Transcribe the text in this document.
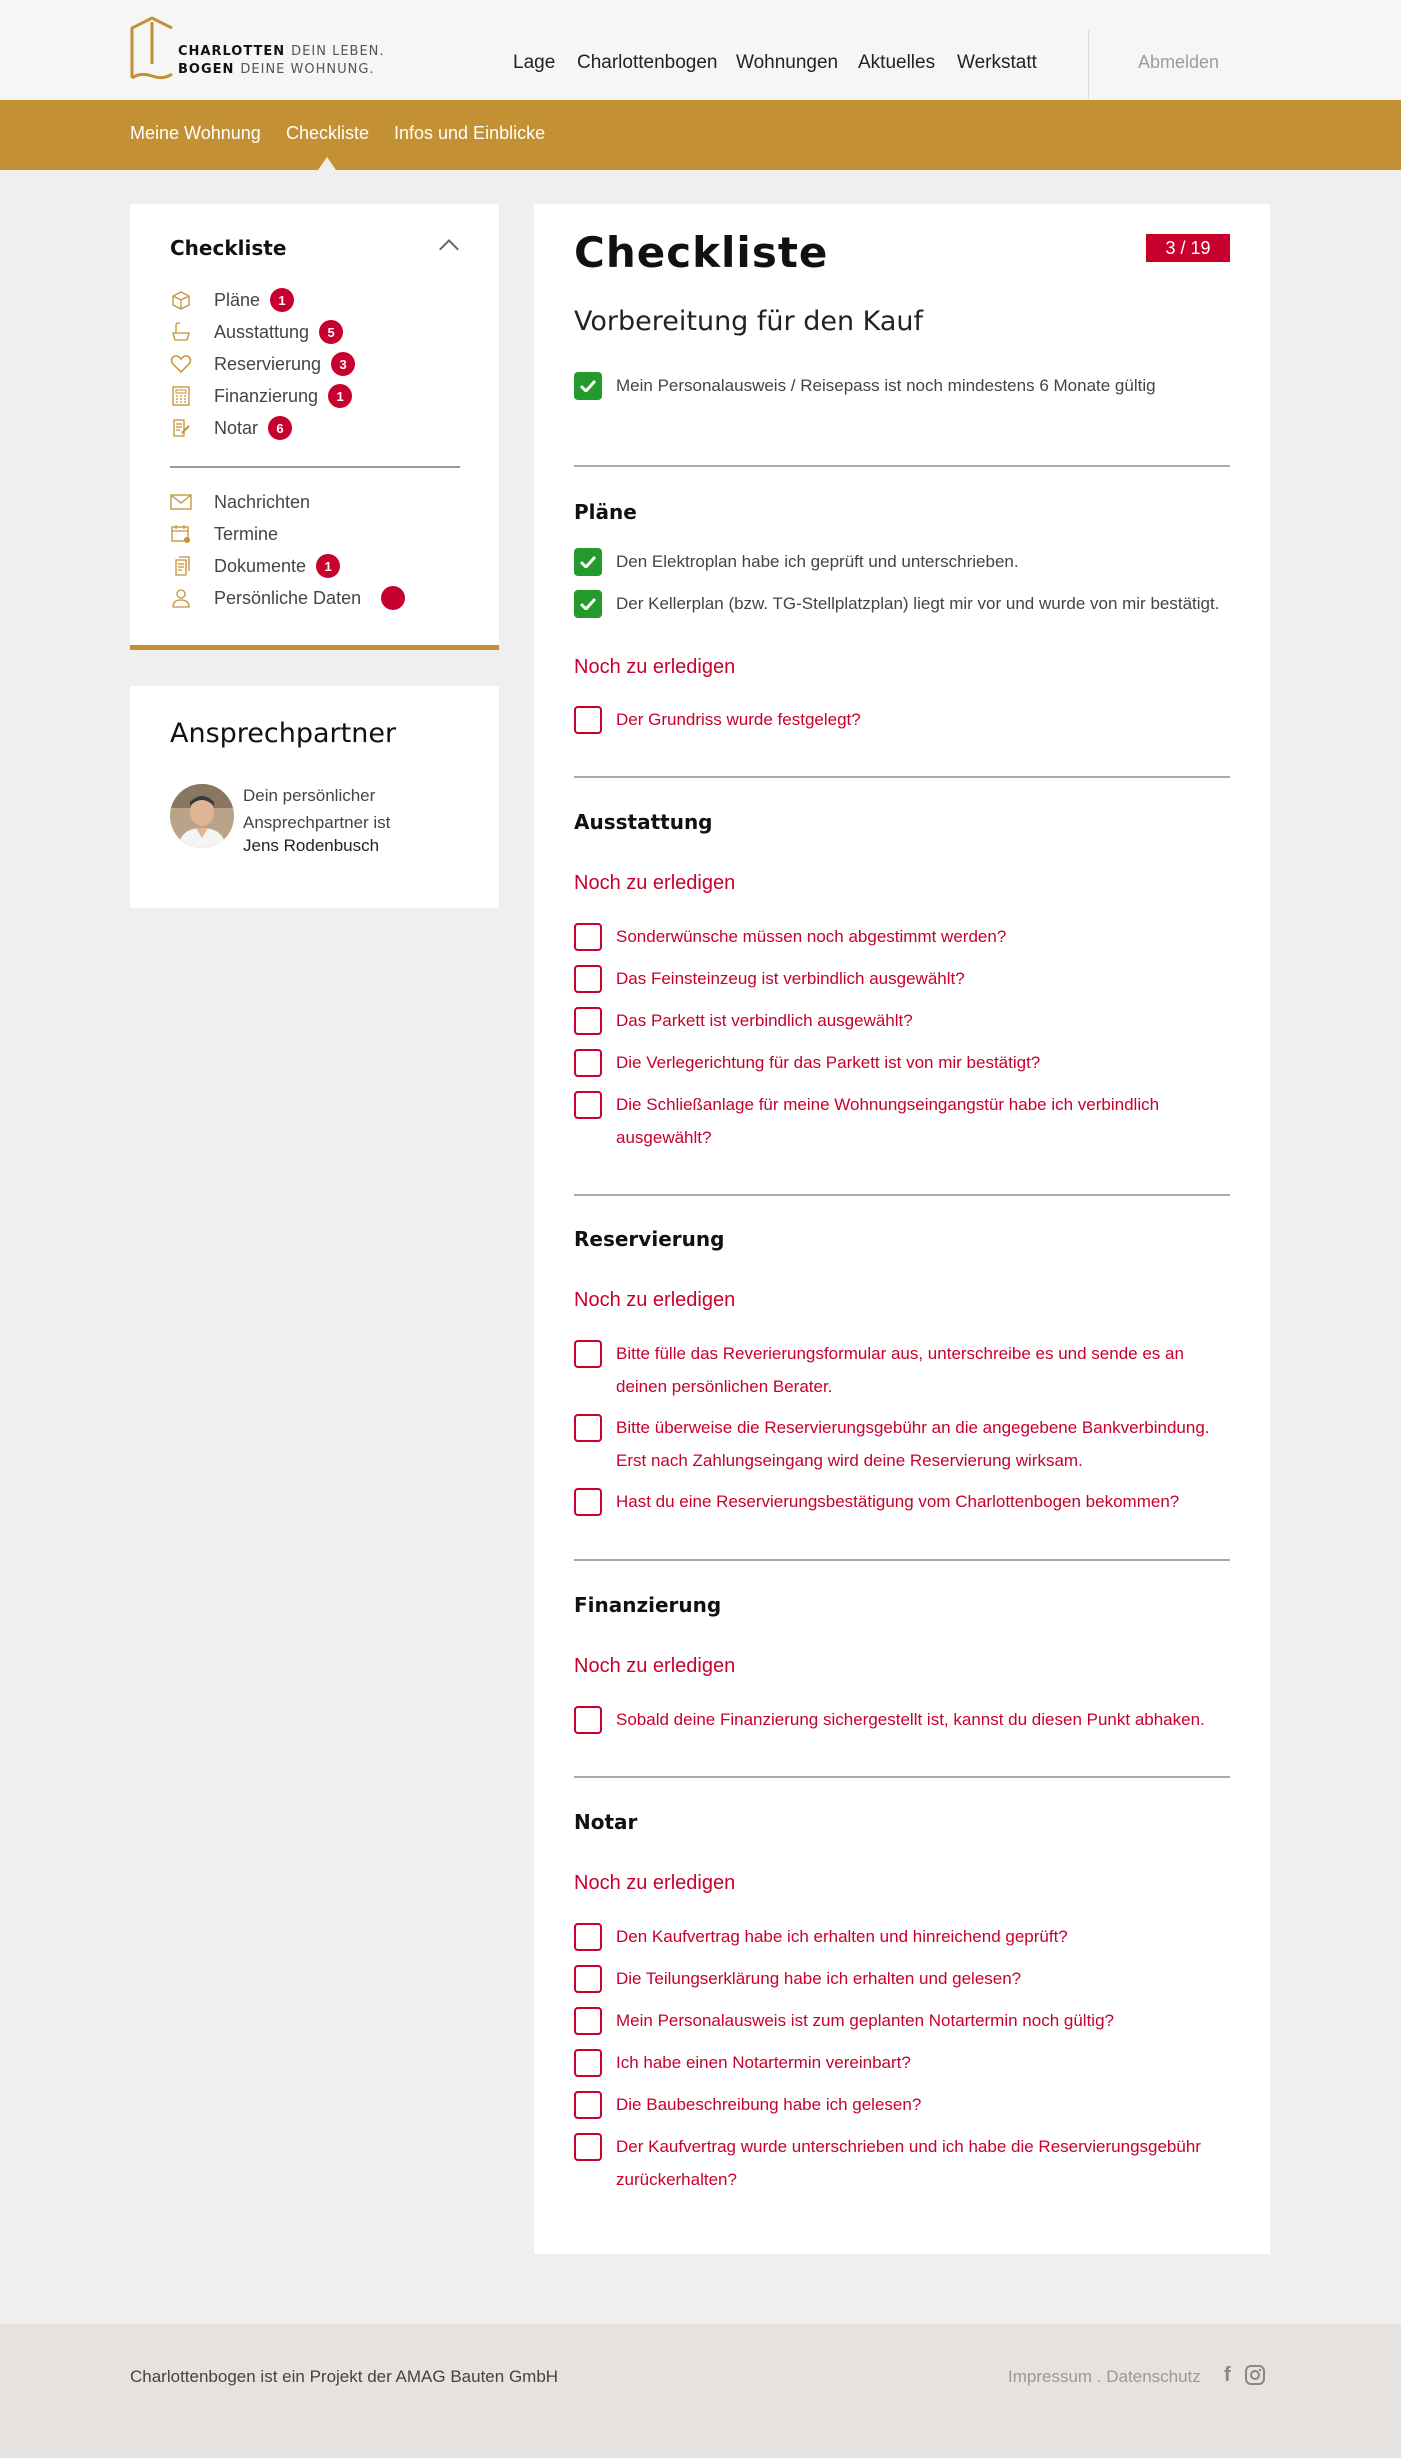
CHARLOTTEN DEIN LEBEN.
BOGEN DEINE WOHNUNG.	Lage Charlottenbogen Wohnungen Aktuelles Werkstatt	Abmelden
Meine Wohnung Checkliste Infos und Einblicke
Checkliste
Pläne	1
Ausstattung	5
Reservierung	3
Finanzierung	1
Notar	6
Nachrichten
Termine
Dokumente	1
Persönliche Daten
Ansprechpartner
Dein persönlicher
Ansprechpartner ist
Jens Rodenbusch
Checkliste	3 / 19
Vorbereitung für den Kauf
Mein Personalausweis / Reisepass ist noch mindestens 6 Monate gültig
Pläne
Den Elektroplan habe ich geprüft und unterschrieben.
Der Kellerplan (bzw. TG-Stellplatzplan) liegt mir vor und wurde von mir bestätigt.
Noch zu erledigen
Der Grundriss wurde festgelegt?
Ausstattung
Noch zu erledigen
Sonderwünsche müssen noch abgestimmt werden?
Das Feinsteinzeug ist verbindlich ausgewählt?
Das Parkett ist verbindlich ausgewählt?
Die Verlegerichtung für das Parkett ist von mir bestätigt?
Die Schließanlage für meine Wohnungseingangstür habe ich verbindlich ausgewählt?
Reservierung
Noch zu erledigen
Bitte fülle das Reverierungsformular aus, unterschreibe es und sende es an deinen persönlichen Berater.
Bitte überweise die Reservierungsgebühr an die angegebene Bankverbindung. Erst nach Zahlungseingang wird deine Reservierung wirksam.
Hast du eine Reservierungsbestätigung vom Charlottenbogen bekommen?
Finanzierung
Noch zu erledigen
Sobald deine Finanzierung sichergestellt ist, kannst du diesen Punkt abhaken.
Notar
Noch zu erledigen
Den Kaufvertrag habe ich erhalten und hinreichend geprüft?
Die Teilungserklärung habe ich erhalten und gelesen?
Mein Personalausweis ist zum geplanten Notartermin noch gültig?
Ich habe einen Notartermin vereinbart?
Die Baubeschreibung habe ich gelesen?
Der Kaufvertrag wurde unterschrieben und ich habe die Reservierungsgebühr zurückerhalten?
Charlottenbogen ist ein Projekt der AMAG Bauten GmbH	Impressum . Datenschutz f
